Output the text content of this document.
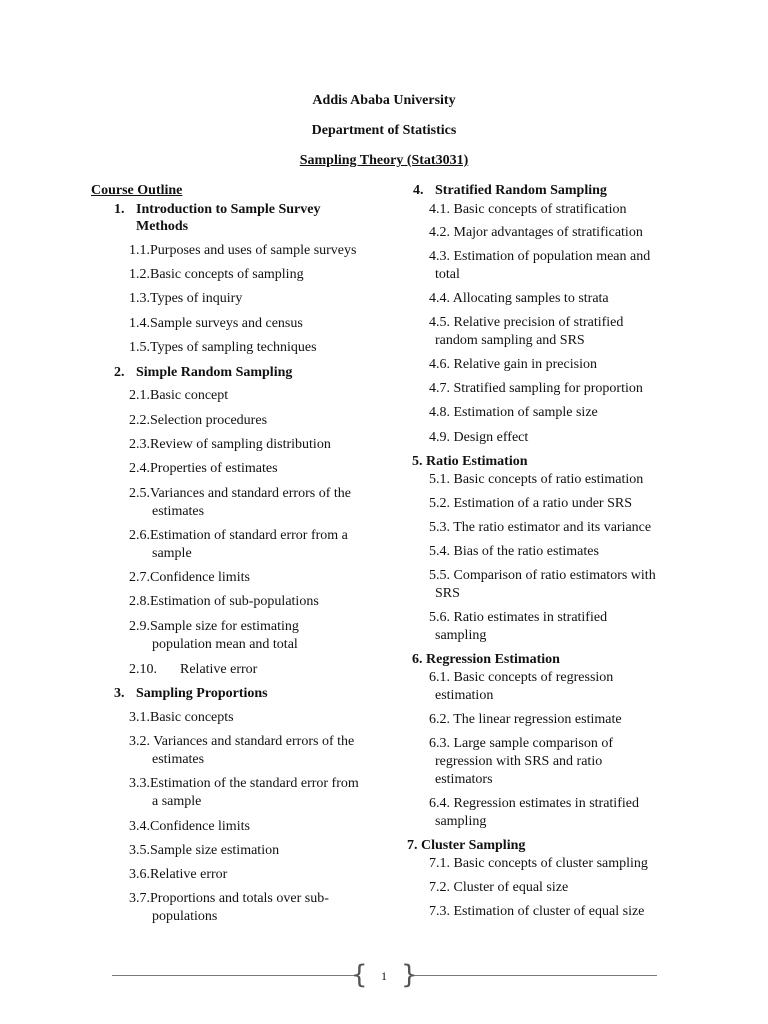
Addis Ababa University
Department of Statistics
Sampling Theory (Stat3031)
Course Outline
1. Introduction to Sample Survey
Methods
1.1.Purposes and uses of sample surveys
1.2.Basic concepts of sampling
1.3.Types of inquiry
1.4.Sample surveys and census
1.5.Types of sampling techniques
2. Simple Random Sampling
2.1.Basic concept
2.2.Selection procedures
2.3.Review of sampling distribution
2.4.Properties of estimates
2.5.Variances and standard errors of the
estimates
2.6.Estimation of standard error from a
sample
2.7.Confidence limits
2.8.Estimation of sub-populations
2.9.Sample size for estimating
population mean and total
2.10. Relative error
3. Sampling Proportions
3.1.Basic concepts
3.2. Variances and standard errors of the
estimates
3.3.Estimation of the standard error from
a sample
3.4.Confidence limits
3.5.Sample size estimation
3.6.Relative error
3.7.Proportions and totals over sub-
populations
4. Stratified Random Sampling
4.1. Basic concepts of stratification
4.2. Major advantages of stratification
4.3. Estimation of population mean and
total
4.4. Allocating samples to strata
4.5. Relative precision of stratified
random sampling and SRS
4.6. Relative gain in precision
4.7. Stratified sampling for proportion
4.8. Estimation of sample size
4.9. Design effect
5. Ratio Estimation
5.1. Basic concepts of ratio estimation
5.2. Estimation of a ratio under SRS
5.3. The ratio estimator and its variance
5.4. Bias of the ratio estimates
5.5. Comparison of ratio estimators with
SRS
5.6. Ratio estimates in stratified
sampling
6. Regression Estimation
6.1. Basic concepts of regression
estimation
6.2. The linear regression estimate
6.3. Large sample comparison of
regression with SRS and ratio
estimators
6.4. Regression estimates in stratified
sampling
7. Cluster Sampling
7.1. Basic concepts of cluster sampling
7.2. Cluster of equal size
7.3. Estimation of cluster of equal size
{	1 }
